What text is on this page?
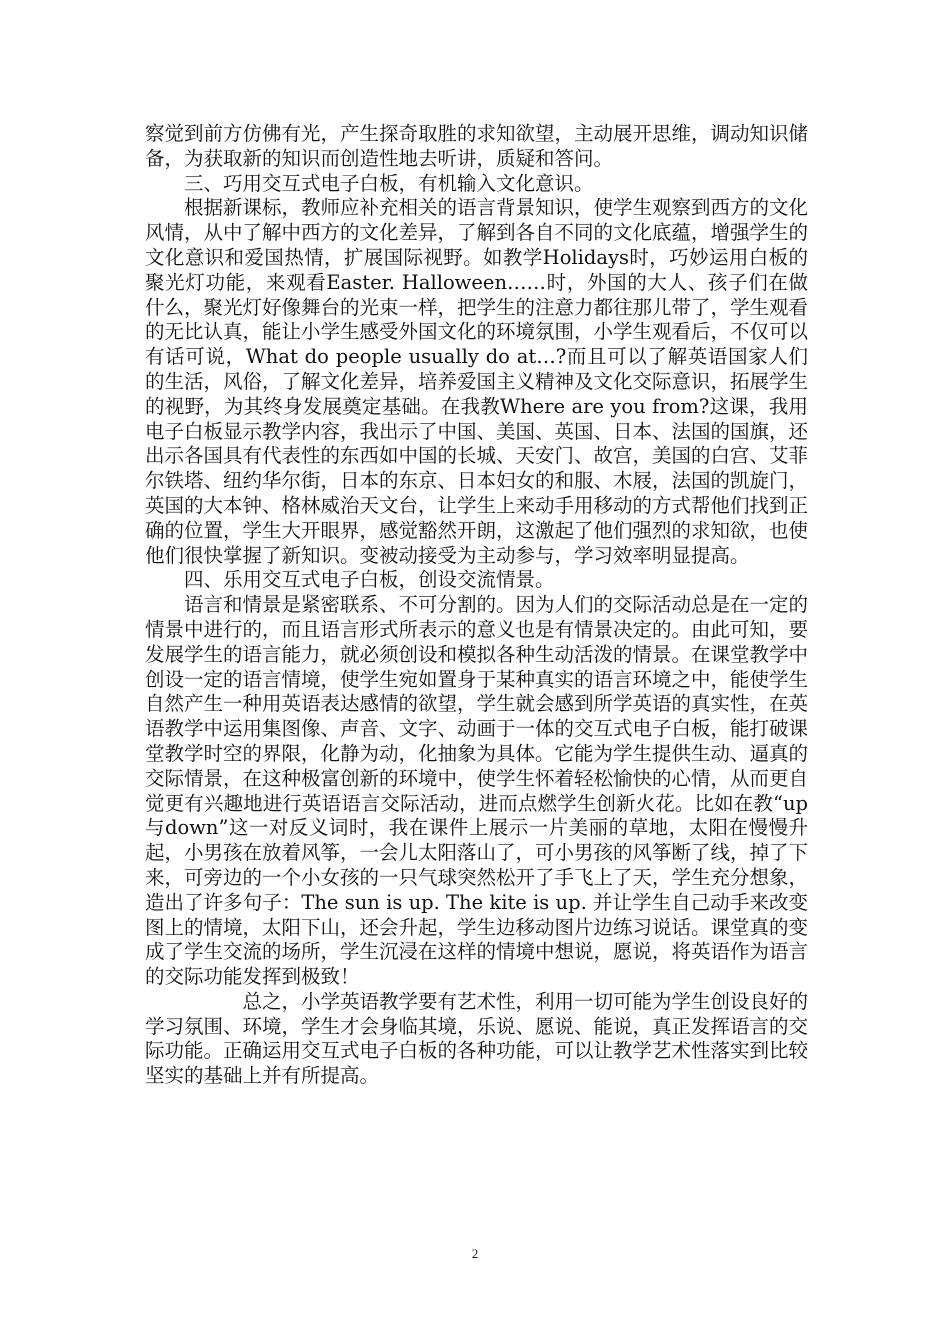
察觉到前方仿佛有光，产生探奇取胜的求知欲望，主动展开思维，调动知识储备，为获取新的知识而创造性地去听讲，质疑和答问。

三、巧用交互式电子白板，有机输入文化意识。

根据新课标，教师应补充相关的语言背景知识，使学生观察到西方的文化风情，从中了解中西方的文化差异，了解到各自不同的文化底蕴，增强学生的文化意识和爱国热情，扩展国际视野。如教学Holidays时，巧妙运用白板的聚光灯功能，来观看Easter. Halloween……时，外国的大人、孩子们在做什么，聚光灯好像舞台的光束一样，把学生的注意力都往那儿带了，学生观看的无比认真，能让小学生感受外国文化的环境氛围，小学生观看后，不仅可以有话可说，What do people usually do at…?而且可以了解英语国家人们的生活，风俗，了解文化差异，培养爱国主义精神及文化交际意识，拓展学生的视野，为其终身发展奠定基础。在我教Where are you from?这课，我用电子白板显示教学内容，我出示了中国、美国、英国、日本、法国的国旗，还出示各国具有代表性的东西如中国的长城、天安门、故宫，美国的白宫、艾菲尔铁塔、纽约华尔街，日本的东京、日本妇女的和服、木屐，法国的凯旋门，英国的大本钟、格林威治天文台，让学生上来动手用移动的方式帮他们找到正确的位置，学生大开眼界，感觉豁然开朗，这激起了他们强烈的求知欲，也使他们很快掌握了新知识。变被动接受为主动参与，学习效率明显提高。

四、乐用交互式电子白板，创设交流情景。

语言和情景是紧密联系、不可分割的。因为人们的交际活动总是在一定的情景中进行的，而且语言形式所表示的意义也是有情景决定的。由此可知，要发展学生的语言能力，就必须创设和模拟各种生动活泼的情景。在课堂教学中创设一定的语言情境，使学生宛如置身于某种真实的语言环境之中，能使学生自然产生一种用英语表达感情的欲望，学生就会感到所学英语的真实性，在英语教学中运用集图像、声音、文字、动画于一体的交互式电子白板，能打破课堂教学时空的界限，化静为动，化抽象为具体。它能为学生提供生动、逼真的交际情景，在这种极富创新的环境中，使学生怀着轻松愉快的心情，从而更自觉更有兴趣地进行英语语言交际活动，进而点燃学生创新火花。比如在教“up与down”这一对反义词时，我在课件上展示一片美丽的草地，太阳在慢慢升起，小男孩在放着风筝，一会儿太阳落山了，可小男孩的风筝断了线，掉了下来，可旁边的一个小女孩的一只气球突然松开了手飞上了天，学生充分想象，造出了许多句子：The sun is up. The kite is up. 并让学生自己动手来改变图上的情境，太阳下山，还会升起，学生边移动图片边练习说话。课堂真的变成了学生交流的场所，学生沉浸在这样的情境中想说，愿说，将英语作为语言的交际功能发挥到极致！

总之，小学英语教学要有艺术性，利用一切可能为学生创设良好的学习氛围、环境，学生才会身临其境，乐说、愿说、能说，真正发挥语言的交际功能。正确运用交互式电子白板的各种功能，可以让教学艺术性落实到比较坚实的基础上并有所提高。

2
